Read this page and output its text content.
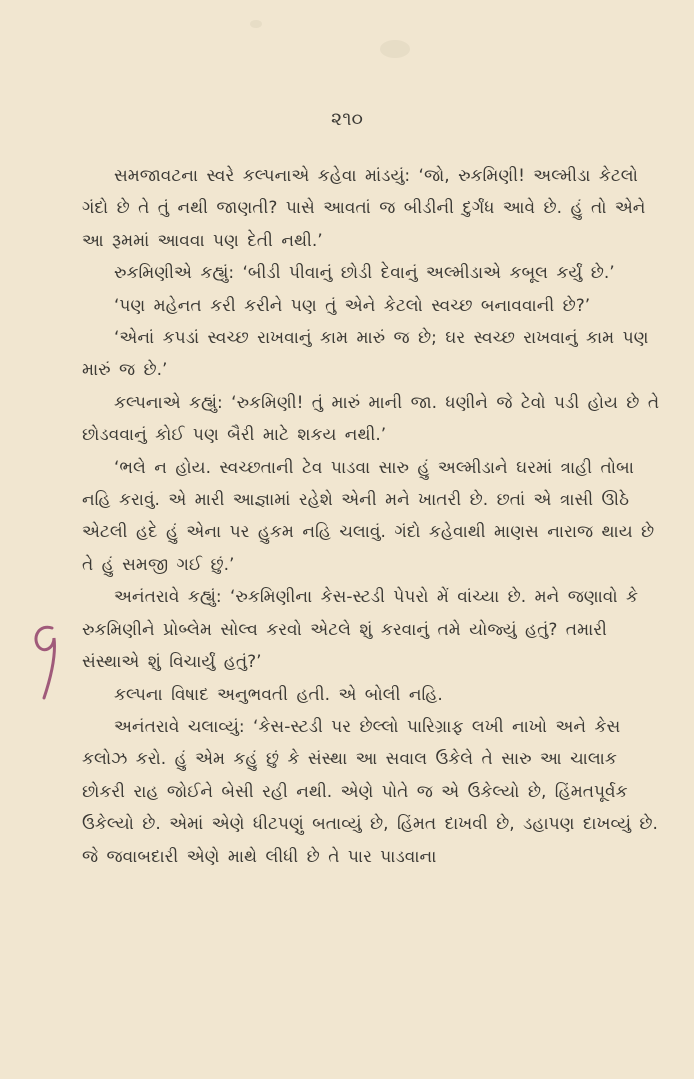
૨૧૦

સમજાવટના સ્વરે કલ્પનાએ કહેવા માંડયું: ‘જો, રુકમિણી! અલ્મીડા કેટલો ગંદો છે તે તું નથી જાણતી? પાસે આવતાં જ બીડીની દુર્ગંધ આવે છે. હું તો એને આ રૂમમાં આવવા પણ દેતી નથી.’

રુકમિણીએ કહ્યું: ‘બીડી પીવાનું છોડી દેવાનું અલ્મીડાએ કબૂલ કર્યું છે.’

‘પણ મહેનત કરી કરીને પણ તું એને કેટલો સ્વચ્છ બનાવવાની છે?’

‘એનાં કપડાં સ્વચ્છ રાખવાનું કામ મારું જ છે; ઘર સ્વચ્છ રાખવાનું કામ પણ મારું જ છે.’

કલ્પનાએ કહ્યું: ‘રુકમિણી! તું મારું માની જા. ધણીને જે ટેવો પડી હોય છે તે છોડવવાનું કોઈ પણ બૈરી માટે શકય નથી.’

‘ભલે ન હોય. સ્વચ્છતાની ટેવ પાડવા સારુ હું અલ્મીડાને ઘરમાં ત્રાહી તોબા નહિ કરાવું. એ મારી આજ્ઞામાં રહેશે એની મને ખાતરી છે. છતાં એ ત્રાસી ઊઠે એટલી હદે હું એના પર હુકમ નહિ ચલાવું. ગંદો કહેવાથી માણસ નારાજ થાય છે તે હું સમજી ગઈ છું.’

અનંતરાવે કહ્યું: ‘રુકમિણીના કેસ-સ્ટડી પેપરો મેં વાંચ્યા છે. મને જણાવો કે રુકમિણીને પ્રોબ્લેમ સોલ્વ કરવો એટલે શું કરવાનું તમે યોજ્યું હતું? તમારી સંસ્થાએ શું વિચાર્યું હતું?’

કલ્પના વિષાદ અનુભવતી હતી. એ બોલી નહિ.

અનંતરાવે ચલાવ્યું: ‘કેસ-સ્ટડી પર છેલ્લો પારિગ્રાફ લખી નાખો અને કેસ કલોઝ કરો. હું એમ કહું છું કે સંસ્થા આ સવાલ ઉકેલે તે સારુ આ ચાલાક છોકરી રાહ જોઈને બેસી રહી નથી. એણે પોતે જ એ ઉકેલ્યો છે, હિંમતપૂર્વક ઉકેલ્યો છે. એમાં એણે ધીટપણું બતાવ્યું છે, હિંમત દાખવી છે, ડહાપણ દાખવ્યું છે. જે જવાબદારી એણે માથે લીધી છે તે પાર પાડવાના
